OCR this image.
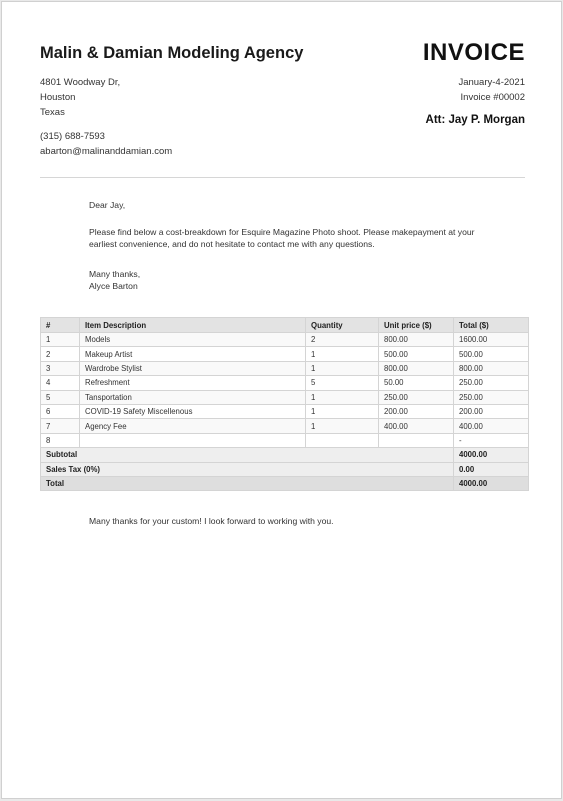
Malin & Damian Modeling Agency	INVOICE
4801 Woodway Dr,
Houston
Texas
(315) 688-7593
abarton@malinanddamian.com
January-4-2021
Invoice #00002
Att: Jay P. Morgan
Dear Jay,
Please find below a cost-breakdown for Esquire Magazine Photo shoot. Please makepayment at your earliest convenience, and do not hesitate to contact me with any questions.
Many thanks,
Alyce Barton
#	Item Description	Quantity	Unit price ($)	Total ($)
1	Models	2	800.00	1600.00
2	Makeup Artist	1	500.00	500.00
3	Wardrobe Stylist	1	800.00	800.00
4	Refreshment	5	50.00	250.00
5	Tansportation	1	250.00	250.00
6	COVID-19 Safety Miscellenous	1	200.00	200.00
7	Agency Fee	1	400.00	400.00
8				-
Subtotal				4000.00
Sales Tax (0%)				0.00
Total				4000.00
Many thanks for your custom! I look forward to working with you.
